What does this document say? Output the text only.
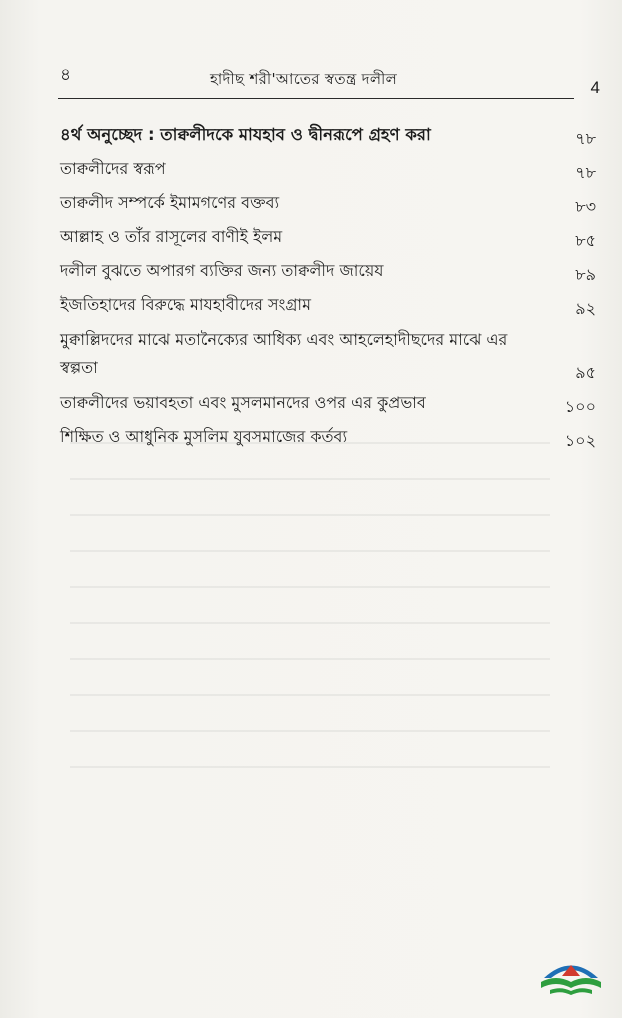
৪	হাদীছ শরী'আতের স্বতন্ত্র দলীল	4
৪র্থ অনুচ্ছেদ : তাক্বলীদকে মাযহাব ও দ্বীনরূপে গ্রহণ করা	৭৮
তাক্বলীদের স্বরূপ	৭৮
তাক্বলীদ সম্পর্কে ইমামগণের বক্তব্য	৮৩
আল্লাহ ও তাঁর রাসূলের বাণীই ইলম	৮৫
দলীল বুঝতে অপারগ ব্যক্তির জন্য তাক্বলীদ জায়েয	৮৯
ইজতিহাদের বিরুদ্ধে মাযহাবীদের সংগ্রাম	৯২
মুক্বাল্লিদদের মাঝে মতানৈক্যের আধিক্য এবং আহলেহাদীছদের মাঝে এর স্বল্পতা	৯৫
তাক্বলীদের ভয়াবহতা এবং মুসলমানদের ওপর এর কুপ্রভাব	১০০
শিক্ষিত ও আধুনিক মুসলিম যুবসমাজের কর্তব্য	১০২
